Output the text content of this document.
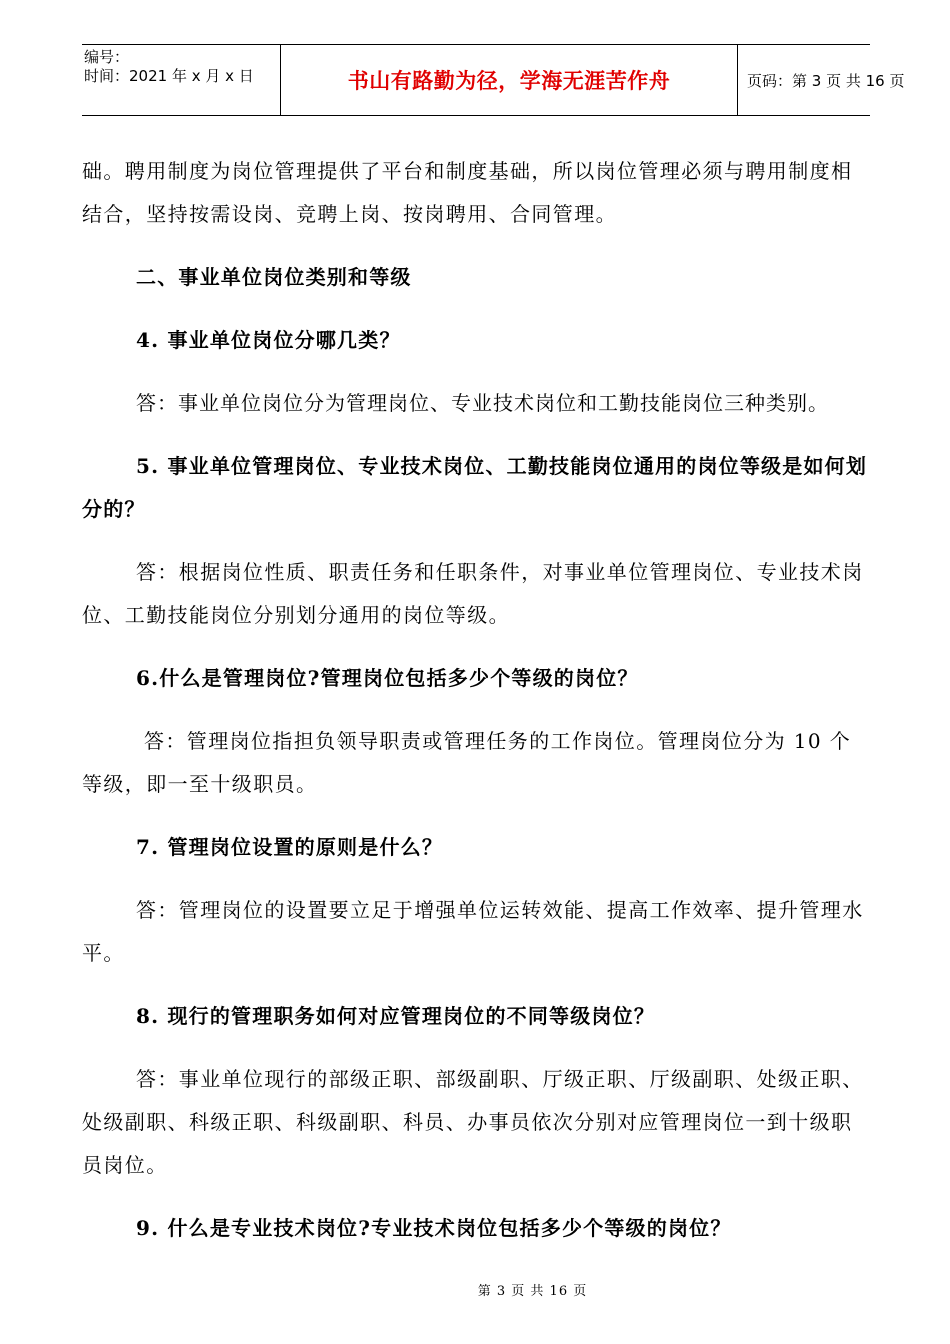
编号：
时间：2021 年 x 月 x 日	书山有路勤为径，学海无涯苦作舟	页码：第 3 页 共 16 页

础。聘用制度为岗位管理提供了平台和制度基础，所以岗位管理必须与聘用制度相结合，坚持按需设岗、竞聘上岗、按岗聘用、合同管理。

二、事业单位岗位类别和等级

4. 事业单位岗位分哪几类？

答：事业单位岗位分为管理岗位、专业技术岗位和工勤技能岗位三种类别。

5. 事业单位管理岗位、专业技术岗位、工勤技能岗位通用的岗位等级是如何划分的？

答：根据岗位性质、职责任务和任职条件，对事业单位管理岗位、专业技术岗位、工勤技能岗位分别划分通用的岗位等级。

6.什么是管理岗位?管理岗位包括多少个等级的岗位？

答：管理岗位指担负领导职责或管理任务的工作岗位。管理岗位分为 10 个等级，即一至十级职员。

7. 管理岗位设置的原则是什么？

答：管理岗位的设置要立足于增强单位运转效能、提高工作效率、提升管理水平。

8. 现行的管理职务如何对应管理岗位的不同等级岗位？

答：事业单位现行的部级正职、部级副职、厅级正职、厅级副职、处级正职、处级副职、科级正职、科级副职、科员、办事员依次分别对应管理岗位一到十级职员岗位。

9. 什么是专业技术岗位?专业技术岗位包括多少个等级的岗位？

第 3 页 共 16 页
